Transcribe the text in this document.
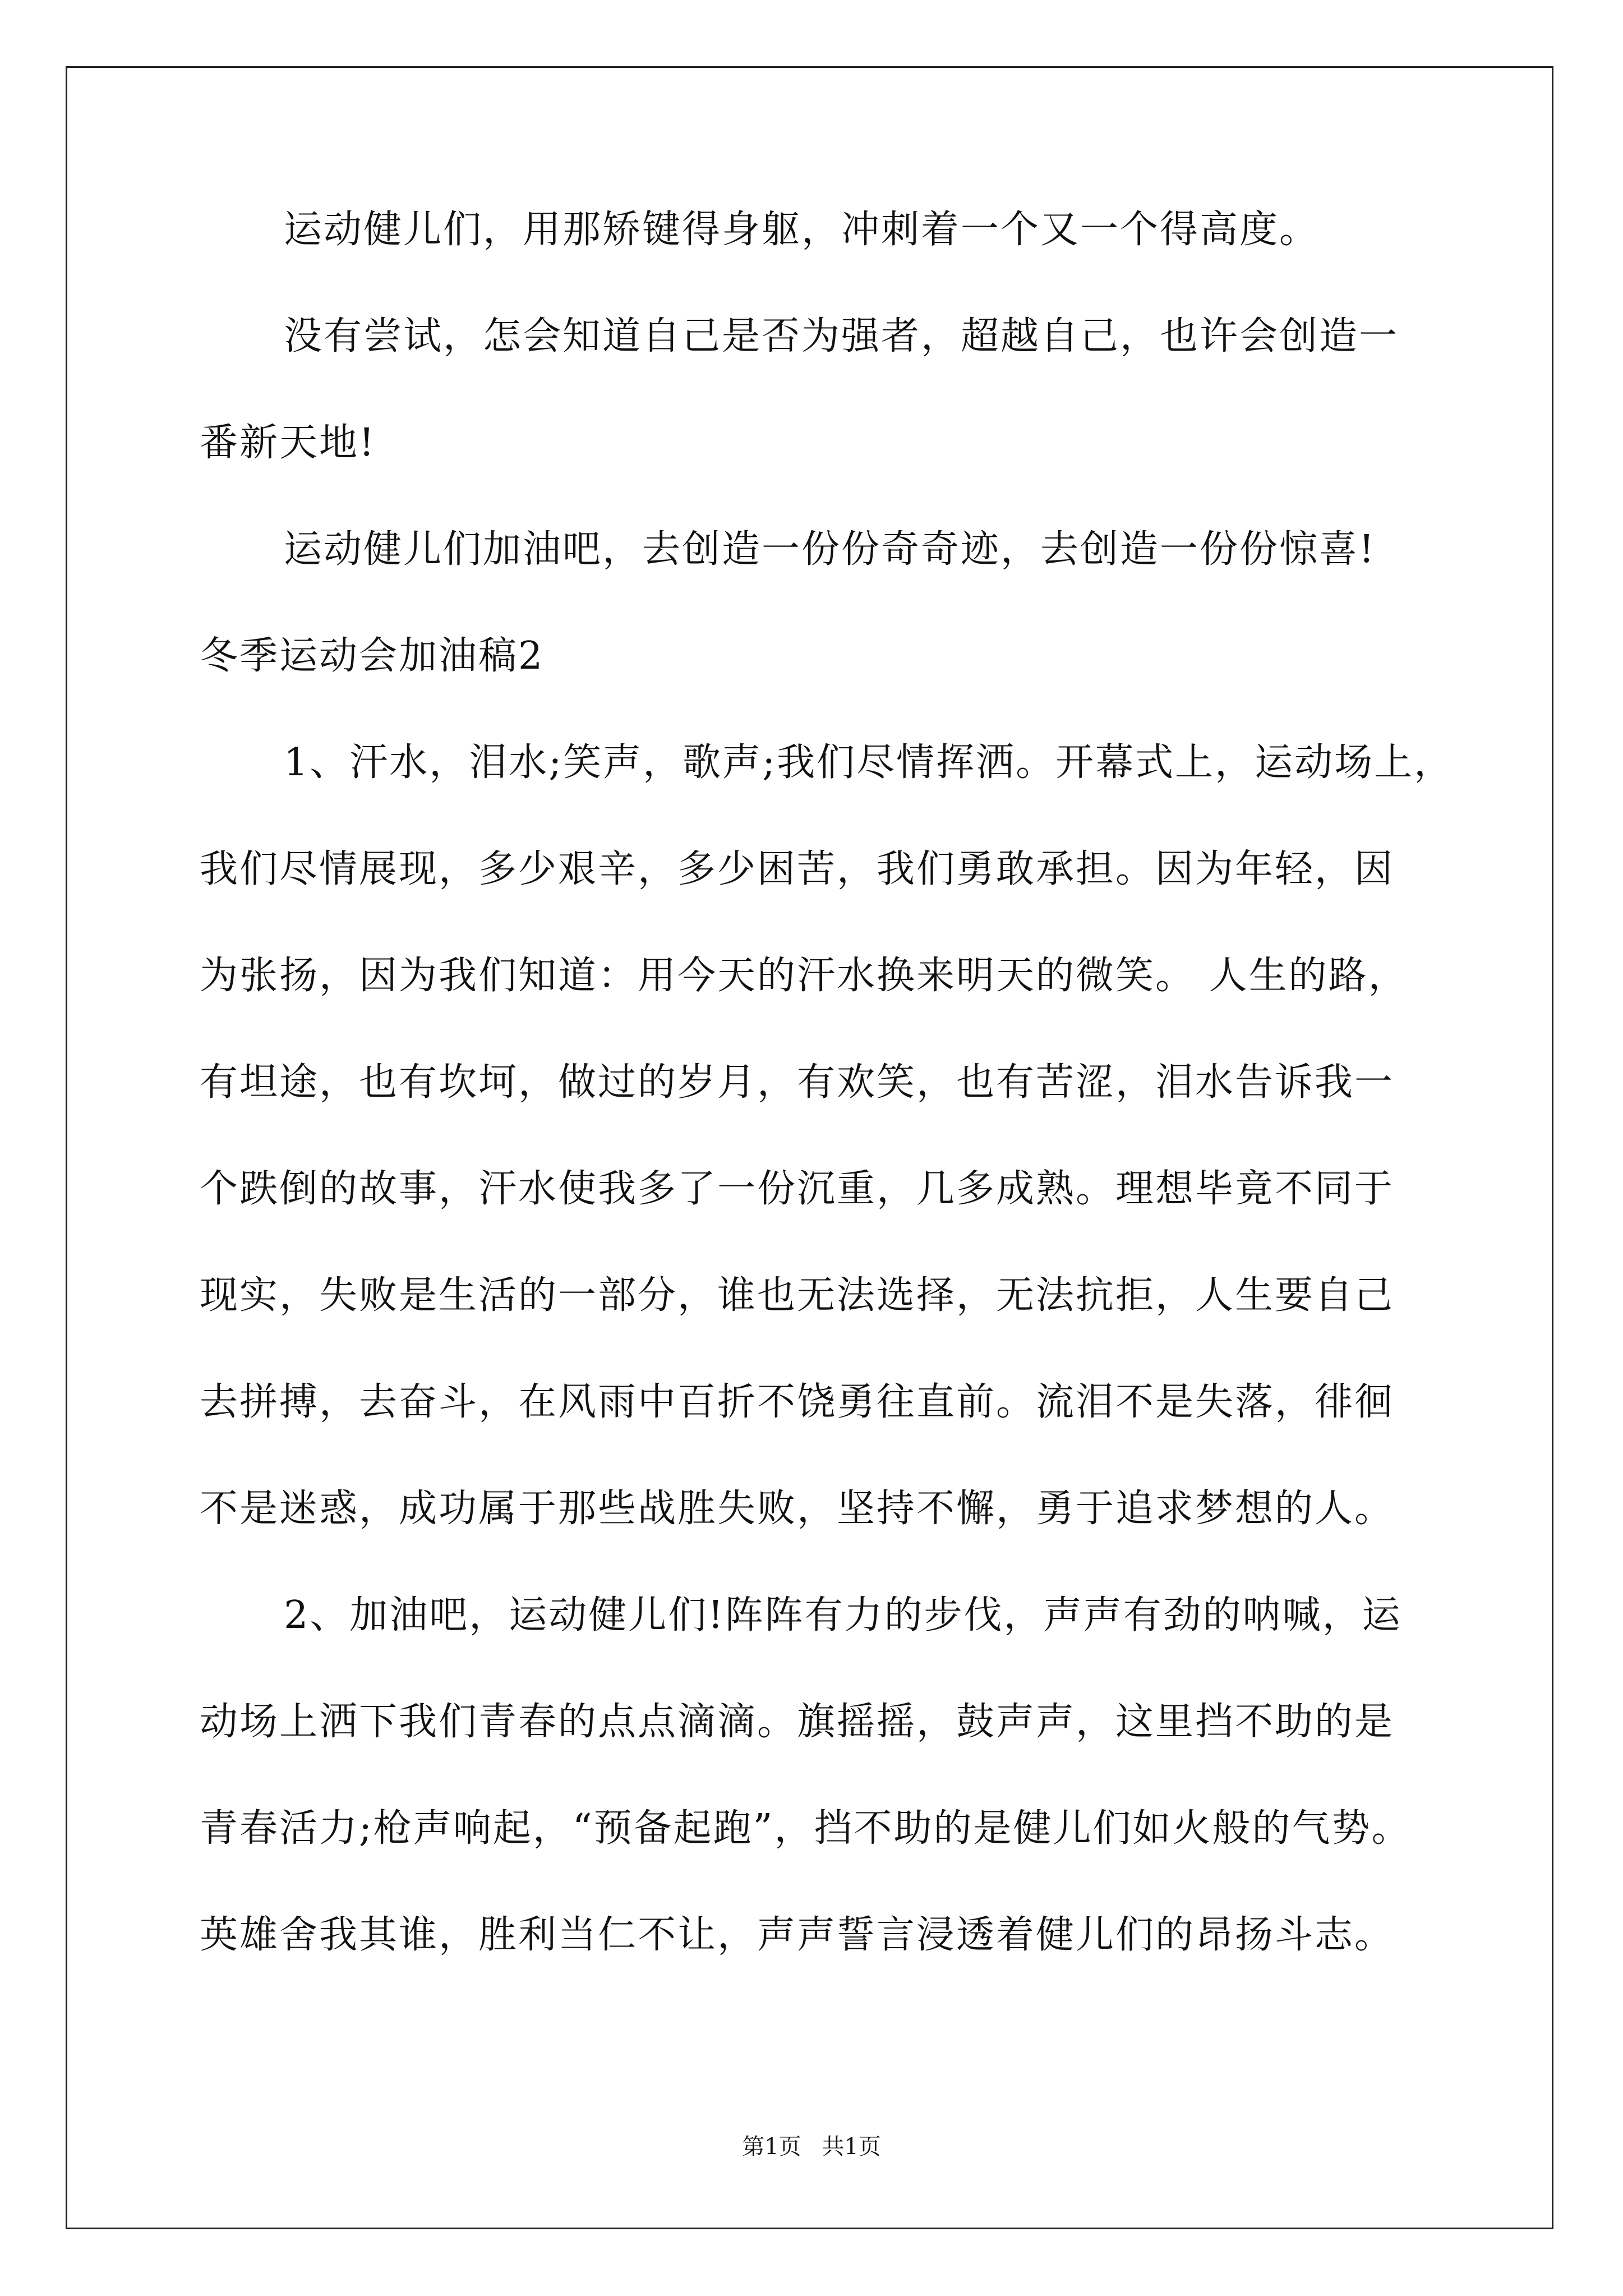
运动健儿们，用那矫键得身躯，冲刺着一个又一个得高度。
没有尝试，怎会知道自己是否为强者，超越自己，也许会创造一
番新天地!
运动健儿们加油吧，去创造一份份奇奇迹，去创造一份份惊喜!
冬季运动会加油稿2
1、汗水，泪水;笑声，歌声;我们尽情挥洒。开幕式上，运动场上，
我们尽情展现，多少艰辛，多少困苦，我们勇敢承担。因为年轻，因
为张扬，因为我们知道：用今天的汗水换来明天的微笑。 人生的路，
有坦途，也有坎坷，做过的岁月，有欢笑，也有苦涩，泪水告诉我一
个跌倒的故事，汗水使我多了一份沉重，几多成熟。理想毕竟不同于
现实，失败是生活的一部分，谁也无法选择，无法抗拒，人生要自己
去拼搏，去奋斗，在风雨中百折不饶勇往直前。流泪不是失落，徘徊
不是迷惑，成功属于那些战胜失败，坚持不懈，勇于追求梦想的人。
2、加油吧，运动健儿们!阵阵有力的步伐，声声有劲的呐喊，运
动场上洒下我们青春的点点滴滴。旗摇摇，鼓声声，这里挡不助的是
青春活力;枪声响起，“预备起跑”，挡不助的是健儿们如火般的气势。
英雄舍我其谁，胜利当仁不让，声声誓言浸透着健儿们的昂扬斗志。
第1页 共1页
